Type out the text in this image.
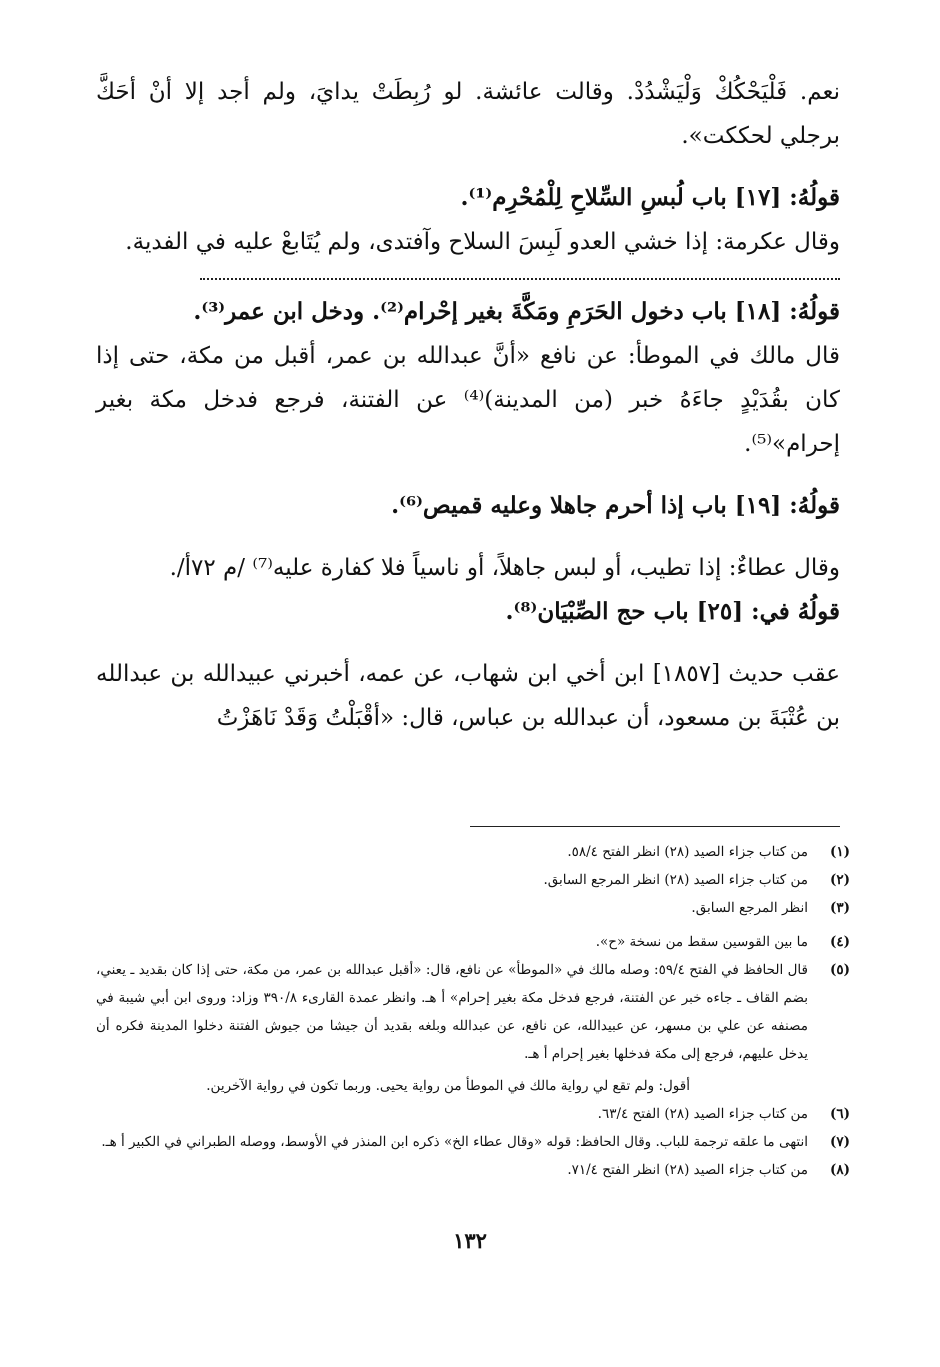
نعم. فَلْيَحْكُكْ وَلْيَشْدُدْ. وقالت عائشة. لو رُبِطَتْ يدايَ، ولم أجد إلا أنْ أحَكَّ برجلي لحككت».

قولُهُ: [١٧] باب لُبسِ السِّلاحِ لِلْمُحْرِم⁽¹⁾.

وقال عكرمة: إذا خشي العدو لَبِسَ السلاح وآفتدى، ولم يُتَابعْ عليه في الفدية.

قولُهُ: [١٨] باب دخول الحَرَمِ ومَكَّةَ بغير إحْرام⁽²⁾. ودخل ابن عمر⁽³⁾.

قال مالك في الموطأ: عن نافع «أنَّ عبدالله بن عمر، أقبل من مكة، حتى إذا كان بقُدَيْدٍ جاءَهُ خبر (من المدينة)⁽⁴⁾ عن الفتنة، فرجع فدخل مكة بغير إحرام»⁽⁵⁾.

قولُهُ: [١٩] باب إذا أحرم جاهلا وعليه قميص⁽⁶⁾.

وقال عطاءٌ: إذا تطيب، أو لبس جاهلاً، أو ناسياً فلا كفارة عليه⁽⁷⁾ /م ٧٢أ/.

قولُهُ في: [٢٥] باب حج الصِّبْيَان⁽⁸⁾.

عقب حديث [١٨٥٧] ابن أخي ابن شهاب، عن عمه، أخبرني عبيدالله بن عبدالله بن عُتْبَةَ بن مسعود، أن عبدالله بن عباس، قال: «أقْبَلْتُ وَقَدْ نَاهَزْتُ

(١)
من كتاب جزاء الصيد (٢٨) انظر الفتح ٥٨/٤.
(٢)
من كتاب جزاء الصيد (٢٨) انظر المرجع السابق.
(٣)
انظر المرجع السابق.
(٤)
ما بين القوسين سقط من نسخة «ح».
(٥)
قال الحافظ في الفتح ٥٩/٤: وصله مالك في «الموطأ» عن نافع، قال: «أقبل عبدالله بن عمر، من مكة، حتى إذا كان بقديد ـ يعني، بضم القاف ـ جاءه خبر عن الفتنة، فرجع فدخل مكة بغير إحرام» أ هـ. وانظر عمدة القارىء ٣٩٠/٨ وزاد: وروى ابن أبي شيبة في مصنفه عن علي بن مسهر، عن عبيدالله، عن نافع، عن عبدالله وبلغه بقديد أن جيشا من جيوش الفتنة دخلوا المدينة فكره أن يدخل عليهم، فرجع إلى مكة فدخلها بغير إحرام أ هـ.
أقول: ولم تقع لي رواية مالك في الموطأ من رواية يحيى. وربما تكون في رواية الآخرين.
(٦)
من كتاب جزاء الصيد (٢٨) الفتح ٦٣/٤.
(٧)
انتهى ما علقه ترجمة للباب. وقال الحافظ: قوله «وقال عطاء الخ» ذكره ابن المنذر في الأوسط، ووصله الطبراني في الكبير أ هـ.
(٨)
من كتاب جزاء الصيد (٢٨) انظر الفتح ٧١/٤.
١٣٢
